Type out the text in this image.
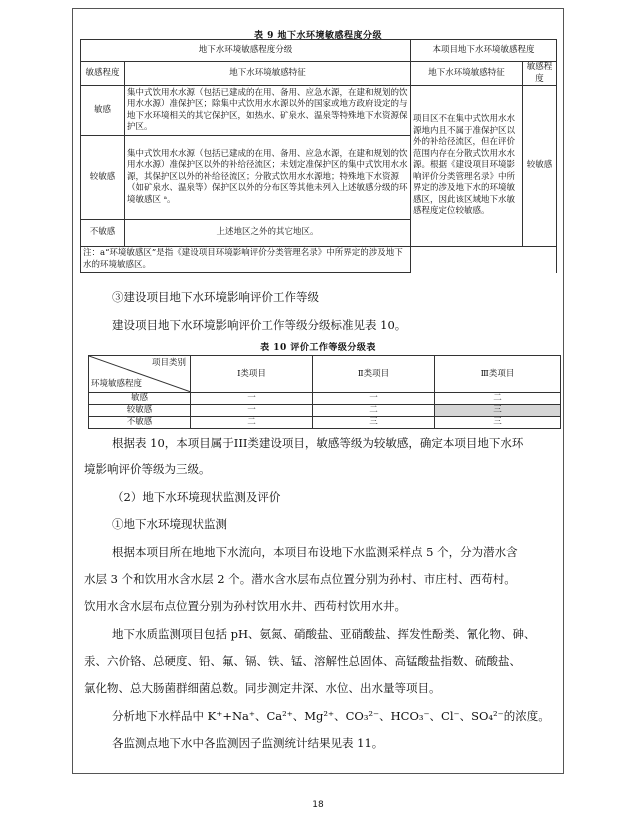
表 9 地下水环境敏感程度分级
地下水环境敏感程度分级		本项目地下水环境敏感程度	
敏感程度	地下水环境敏感特征	地下水环境敏感特征	敏感程度
敏感	集中式饮用水水源（包括已建成的在用、备用、应急水源，在建和规划的饮用水水源）准保护区；除集中式饮用水水源以外的国家或地方政府设定的与地下水环境相关的其它保护区，如热水、矿泉水、温泉等特殊地下水资源保护区。	项目区不在集中式饮用水水源地内且不属于准保护区以外的补给径流区，但在评价范围内存在分散式饮用水水源。根据《建设项目环境影响评价分类管理名录》中所界定的涉及地下水的环境敏感区，因此该区域地下水敏感程度定位较敏感。	较敏感
较敏感	集中式饮用水水源（包括已建成的在用、备用、应急水源，在建和规划的饮用水水源）准保护区以外的补给径流区；未划定准保护区的集中式饮用水水源，其保护区以外的补给径流区；分散式饮用水水源地；特殊地下水资源（如矿泉水、温泉等）保护区以外的分布区等其他未列入上述敏感分级的环境敏感区 ᵃ。		
不敏感	上述地区之外的其它地区。		
注：a“环境敏感区”是指《建设项目环境影响评价分类管理名录》中所界定的涉及地下水的环境敏感区。			
③建设项目地下水环境影响评价工作等级
建设项目地下水环境影响评价工作等级分级标准见表 10。
表 10 评价工作等级分级表
项目类别
环境敏感程度	Ⅰ类项目	Ⅱ类项目	Ⅲ类项目
敏感	一	一	二
较敏感	一	二	三
不敏感	二	三	三
根据表 10，本项目属于III类建设项目，敏感等级为较敏感，确定本项目地下水环
境影响评价等级为三级。
（2）地下水环境现状监测及评价
①地下水环境现状监测
根据本项目所在地地下水流向，本项目布设地下水监测采样点 5 个，分为潜水含
水层 3 个和饮用水含水层 2 个。潜水含水层布点位置分别为孙村、市庄村、西苟村。
饮用水含水层布点位置分别为孙村饮用水井、西苟村饮用水井。
地下水质监测项目包括 pH、氨氮、硝酸盐、亚硝酸盐、挥发性酚类、氰化物、砷、
汞、六价铬、总硬度、铅、氟、镉、铁、锰、溶解性总固体、高锰酸盐指数、硫酸盐、
氯化物、总大肠菌群细菌总数。同步测定井深、水位、出水量等项目。
分析地下水样品中 K⁺+Na⁺、Ca²⁺、Mg²⁺、CO₃²⁻、HCO₃⁻、Cl⁻、SO₄²⁻的浓度。
各监测点地下水中各监测因子监测统计结果见表 11。
18
